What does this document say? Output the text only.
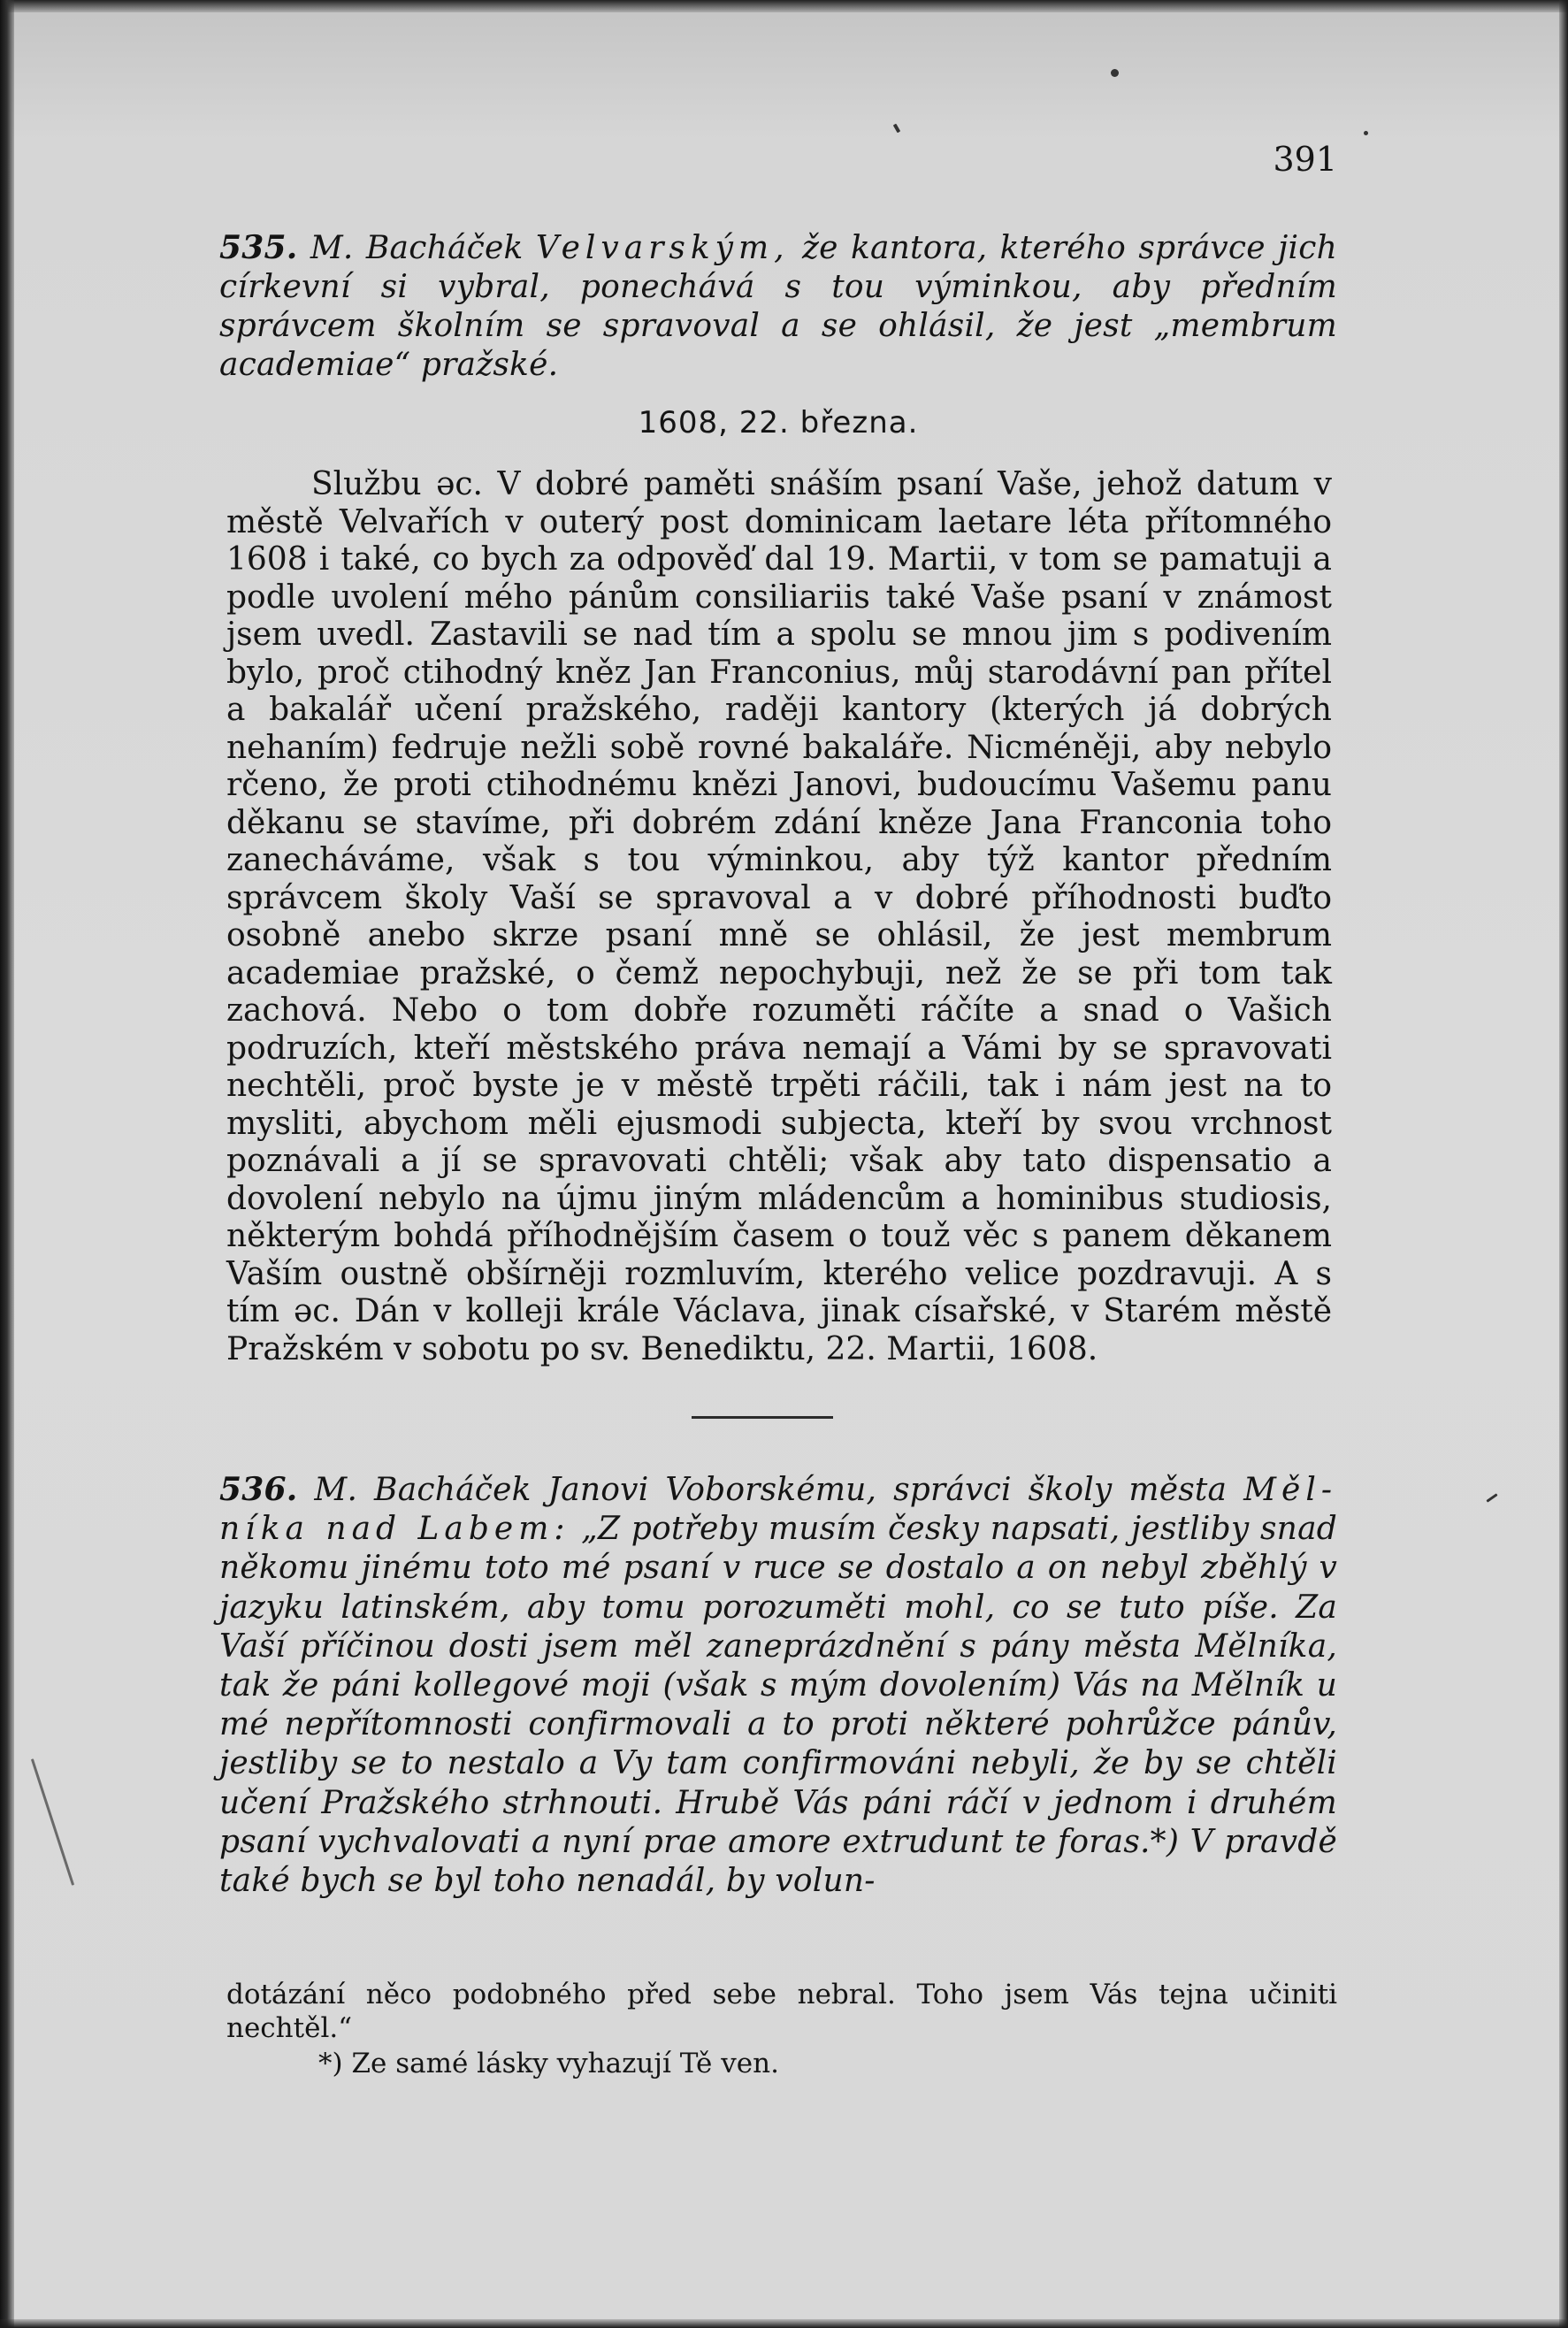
391

535. M. Bacháček Velvarským, že kantora, kterého správce jich církevní si vybral, ponechává s tou výminkou, aby předním správcem školním se spravoval a se ohlásil, že jest „membrum academiae“ pražské.

1608, 22. března.

Službu ǝc. V dobré paměti snáším psaní Vaše, jehož datum v městě Velvařích v outerý post dominicam laetare léta přítomného 1608 i také, co bych za odpověď dal 19. Martii, v tom se pamatuji a podle uvolení mého pánům consiliariis také Vaše psaní v známost jsem uvedl. Zastavili se nad tím a spolu se mnou jim s podivením bylo, proč ctihodný kněz Jan Franconius, můj starodávní pan přítel a bakalář učení pražského, raději kantory (kterých já dobrých nehaním) fedruje nežli sobě rovné bakaláře. Nicméněji, aby nebylo rčeno, že proti ctihodnému knězi Janovi, budoucímu Vašemu panu děkanu se stavíme, při dobrém zdání kněze Jana Franconia toho zanecháváme, však s tou výminkou, aby týž kantor předním správcem školy Vaší se spravoval a v dobré příhodnosti buďto osobně anebo skrze psaní mně se ohlásil, že jest membrum academiae pražské, o čemž nepochybuji, než že se při tom tak zachová. Nebo o tom dobře rozuměti ráčíte a snad o Vašich podruzích, kteří městského práva nemají a Vámi by se spravovati nechtěli, proč byste je v městě trpěti ráčili, tak i nám jest na to mysliti, abychom měli ejusmodi subjecta, kteří by svou vrchnost poznávali a jí se spravovati chtěli; však aby tato dispensatio a dovolení nebylo na újmu jiným mládencům a hominibus studiosis, některým bohdá příhodnějším časem o touž věc s panem děkanem Vaším oustně obšírněji rozmluvím, kterého velice pozdravuji. A s tím ǝc. Dán v kolleji krále Václava, jinak císařské, v Starém městě Pražském v sobotu po sv. Benediktu, 22. Martii, 1608.

536. M. Bacháček Janovi Voborskému, správci školy města Měl- níka nad Labem: „Z potřeby musím česky napsati, jestliby snad někomu jinému toto mé psaní v ruce se dostalo a on nebyl zběhlý v jazyku latinském, aby tomu porozuměti mohl, co se tuto píše. Za Vaší příčinou dosti jsem měl zaneprázdnění s pány města Mělníka, tak že páni kollegové moji (však s mým dovolením) Vás na Mělník u mé nepřítomnosti confirmovali a to proti některé pohrůžce pánův, jestliby se to nestalo a Vy tam confirmováni nebyli, že by se chtěli učení Pražského strhnouti. Hrubě Vás páni ráčí v jednom i druhém psaní vychvalovati a nyní prae amore extrudunt te foras.*) V pravdě také bych se byl toho nenadál, by volun-

dotázání něco podobného před sebe nebral. Toho jsem Vás tejna učiniti nechtěl.“

*) Ze samé lásky vyhazují Tě ven.
